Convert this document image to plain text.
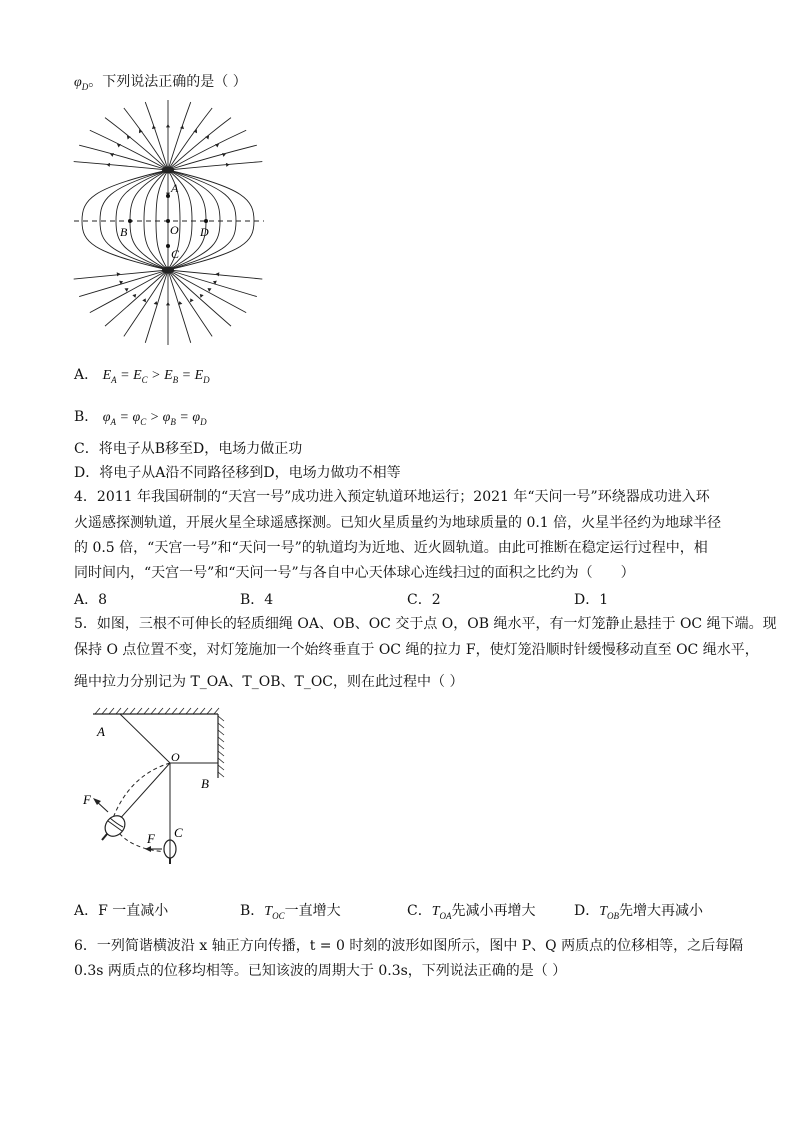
$\varphi_D$。下列说法正确的是（ ）
A
O
B	D
C
A． $E_A = E_C > E_B = E_D$
B． $\varphi_A = \varphi_C > \varphi_B = \varphi_D$
C．将电子从B移至D，电场力做正功
D．将电子从A沿不同路径移到D，电场力做功不相等
4．2011 年我国研制的“天宫一号”成功进入预定轨道环地运行；2021 年“天问一号”环绕器成功进入环
火遥感探测轨道，开展火星全球遥感探测。已知火星质量约为地球质量的 0.1 倍，火星半径约为地球半径
的 0.5 倍，“天宫一号”和“天问一号”的轨道均为近地、近火圆轨道。由此可推断在稳定运行过程中，相
同时间内，“天宫一号”和“天问一号”与各自中心天体球心连线扫过的面积之比约为（　　）
A．8	B．4	C．2	D．1
5．如图，三根不可伸长的轻质细绳 OA、OB、OC 交于点 O，OB 绳水平，有一灯笼静止悬挂于 OC 绳下端。现
保持 O 点位置不变，对灯笼施加一个始终垂直于 OC 绳的拉力 F，使灯笼沿顺时针缓慢移动直至 OC 绳水平，
绳中拉力分别记为 T_OA、T_OB、T_OC，则在此过程中（ ）
A
O
B
F
F C
A．F 一直减小	B．$T_{OC}$一直增大	C．$T_{OA}$先减小再增大	D．$T_{OB}$先增大再减小
6．一列简谐横波沿 x 轴正方向传播，t = 0 时刻的波形如图所示，图中 P、Q 两质点的位移相等，之后每隔
0.3s 两质点的位移均相等。已知该波的周期大于 0.3s，下列说法正确的是（ ）
